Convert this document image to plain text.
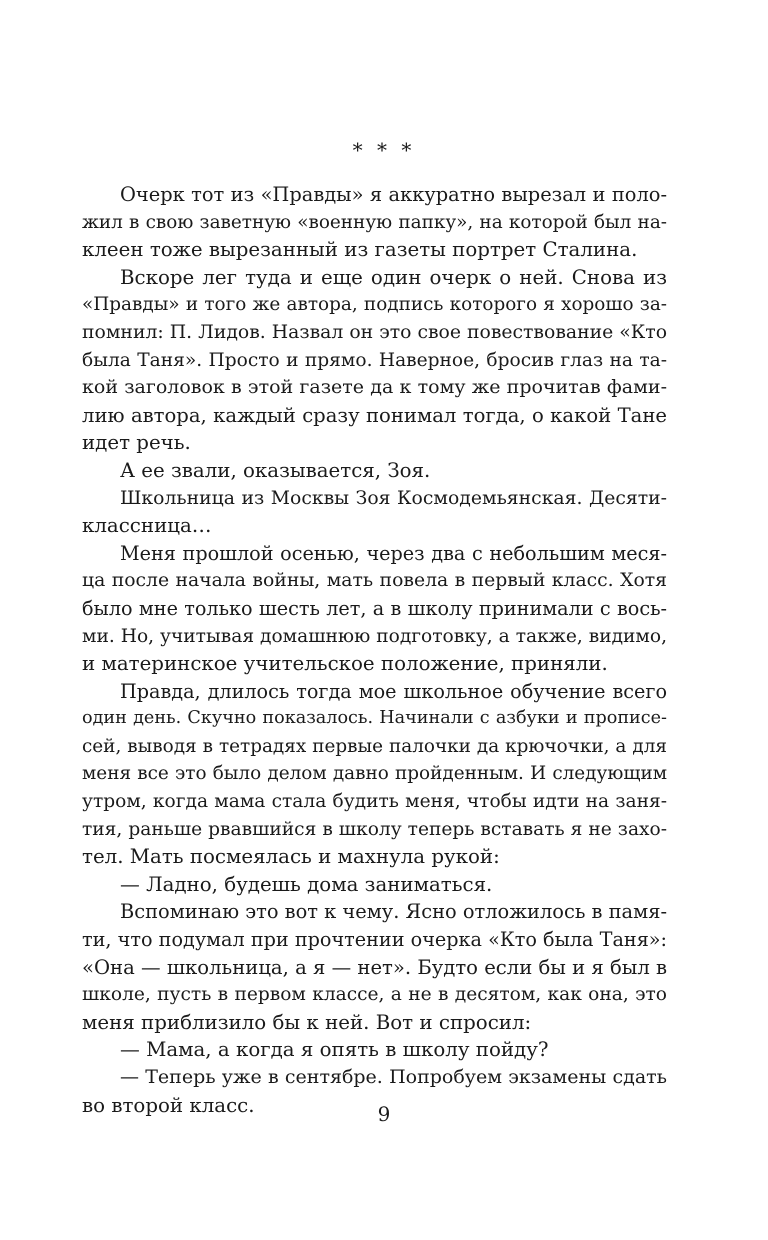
* * *
Очерк тот из «Правды» я аккуратно вырезал и поло-
жил в свою заветную «военную папку», на которой был на-
клеен тоже вырезанный из газеты портрет Сталина.
Вскоре лег туда и еще один очерк о ней. Снова из
«Правды» и того же автора, подпись которого я хорошо за-
помнил: П. Лидов. Назвал он это свое повествование «Кто
была Таня». Просто и прямо. Наверное, бросив глаз на та-
кой заголовок в этой газете да к тому же прочитав фами-
лию автора, каждый сразу понимал тогда, о какой Тане
идет речь.
А ее звали, оказывается, Зоя.
Школьница из Москвы Зоя Космодемьянская. Десяти-
классница…
Меня прошлой осенью, через два с небольшим меся-
ца после начала войны, мать повела в первый класс. Хотя
было мне только шесть лет, а в школу принимали с вось-
ми. Но, учитывая домашнюю подготовку, а также, видимо,
и материнское учительское положение, приняли.
Правда, длилось тогда мое школьное обучение всего
один день. Скучно показалось. Начинали с азбуки и прописе-
сей, выводя в тетрадях первые палочки да крючочки, а для
меня все это было делом давно пройденным. И следующим
утром, когда мама стала будить меня, чтобы идти на заня-
тия, раньше рвавшийся в школу теперь вставать я не захо-
тел. Мать посмеялась и махнула рукой:
— Ладно, будешь дома заниматься.
Вспоминаю это вот к чему. Ясно отложилось в памя-
ти, что подумал при прочтении очерка «Кто была Таня»:
«Она — школьница, а я — нет». Будто если бы и я был в
школе, пусть в первом классе, а не в десятом, как она, это
меня приблизило бы к ней. Вот и спросил:
— Мама, а когда я опять в школу пойду?
— Теперь уже в сентябре. Попробуем экзамены сдать
во второй класс.	9
